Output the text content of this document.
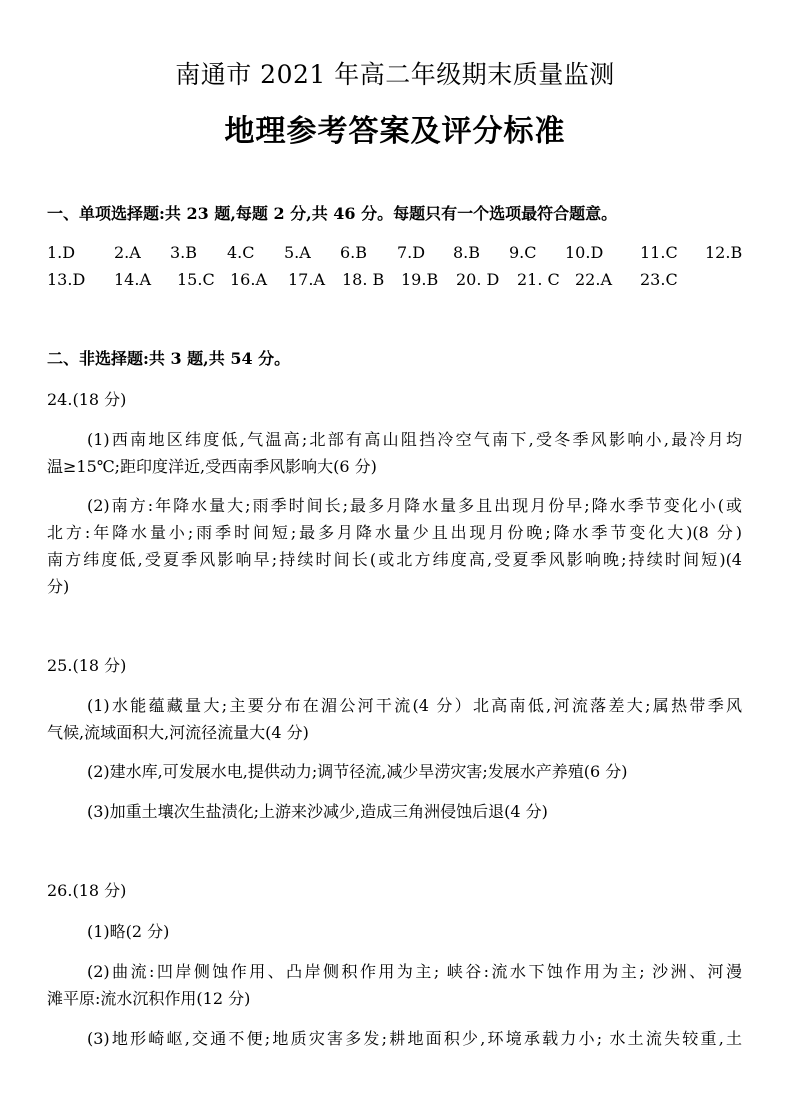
南通市 2021 年高二年级期末质量监测
地理参考答案及评分标准
一、单项选择题:共 23 题,每题 2 分,共 46 分。每题只有一个选项最符合题意。
1.D 2.A 3.B 4.C 5.A 6.B 7.D 8.B 9.C 10.D 11.C 12.B
13.D 14.A 15.C 16.A 17.A 18. B 19.B 20. D 21. C 22.A 23.C
二、非选择题:共 3 题,共 54 分。
24.(18 分)
(1)西南地区纬度低,气温高;北部有高山阻挡冷空气南下,受冬季风影响小,最冷月均
温≥15℃;距印度洋近,受西南季风影响大(6 分)
(2)南方:年降水量大;雨季时间长;最多月降水量多且出现月份早;降水季节变化小(或
北方:年降水量小;雨季时间短;最多月降水量少且出现月份晚;降水季节变化大)(8 分)
南方纬度低,受夏季风影响早;持续时间长(或北方纬度高,受夏季风影响晚;持续时间短)(4
分)
25.(18 分)
(1)水能蕴藏量大;主要分布在湄公河干流(4 分）北高南低,河流落差大;属热带季风
气候,流域面积大,河流径流量大(4 分)
(2)建水库,可发展水电,提供动力;调节径流,减少旱涝灾害;发展水产养殖(6 分)
(3)加重土壤次生盐渍化;上游来沙减少,造成三角洲侵蚀后退(4 分)
26.(18 分)
(1)略(2 分)
(2)曲流:凹岸侧蚀作用、凸岸侧积作用为主; 峡谷:流水下蚀作用为主; 沙洲、河漫
滩平原:流水沉积作用(12 分)
(3)地形崎岖,交通不便;地质灾害多发;耕地面积少,环境承载力小; 水土流失较重,土
